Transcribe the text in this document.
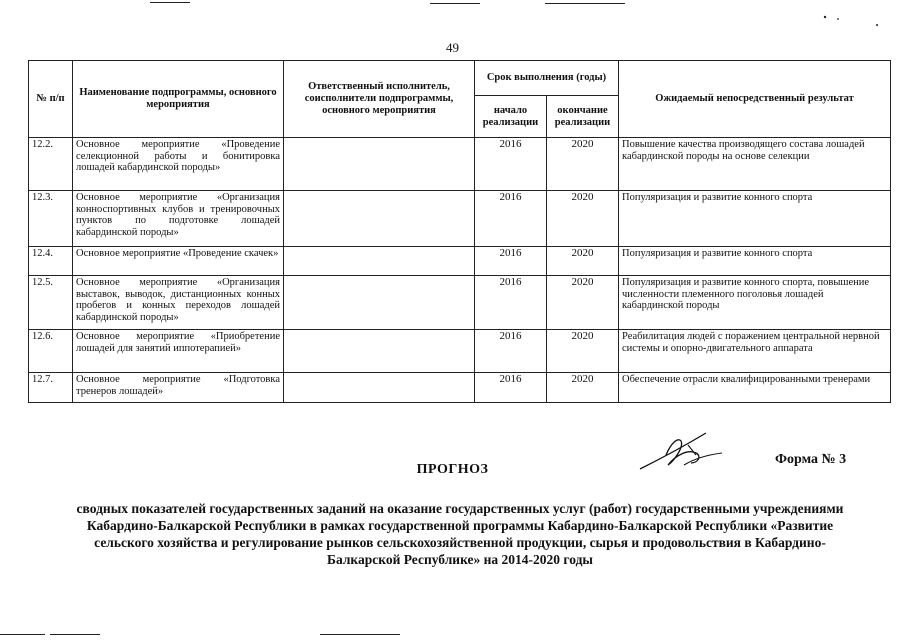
49
№ п/п	Наименование подпрограммы, основного мероприятия	Ответственный исполнитель, соисполнители подпрограммы, основного мероприятия	Срок выполнения (годы)		Ожидаемый непосредственный результат
			начало реализации	окончание реализации	
12.2.	Основное мероприятие «Проведение селекционной работы и бонитировка лошадей кабардинской породы»		2016	2020	Повышение качества производящего состава лошадей кабардинской породы на основе селекции
12.3.	Основное мероприятие «Организация конноспортивных клубов и тренировочных пунктов по подготовке лошадей кабардинской породы»		2016	2020	Популяризация и развитие конного спорта
12.4.	Основное мероприятие «Проведение скачек»		2016	2020	Популяризация и развитие конного спорта
12.5.	Основное мероприятие «Организация выставок, выводок, дистанционных конных пробегов и конных переходов лошадей кабардинской породы»		2016	2020	Популяризация и развитие конного спорта, повышение численности племенного поголовья лошадей кабардинской породы
12.6.	Основное мероприятие «Приобретение лошадей для занятий иппотерапией»		2016	2020	Реабилитация людей с поражением центральной нервной системы и опорно-двигательного аппарата
12.7.	Основное мероприятие «Подготовка тренеров лошадей»		2016	2020	Обеспечение отрасли квалифицированными тренерами
Форма № 3
ПРОГНОЗ
сводных показателей государственных заданий на оказание государственных услуг (работ) государственными учреждениями Кабардино-Балкарской Республики в рамках государственной программы Кабардино-Балкарской Республики «Развитие сельского хозяйства и регулирование рынков сельскохозяйственной продукции, сырья и продовольствия в Кабардино-Балкарской Республике» на 2014-2020 годы
